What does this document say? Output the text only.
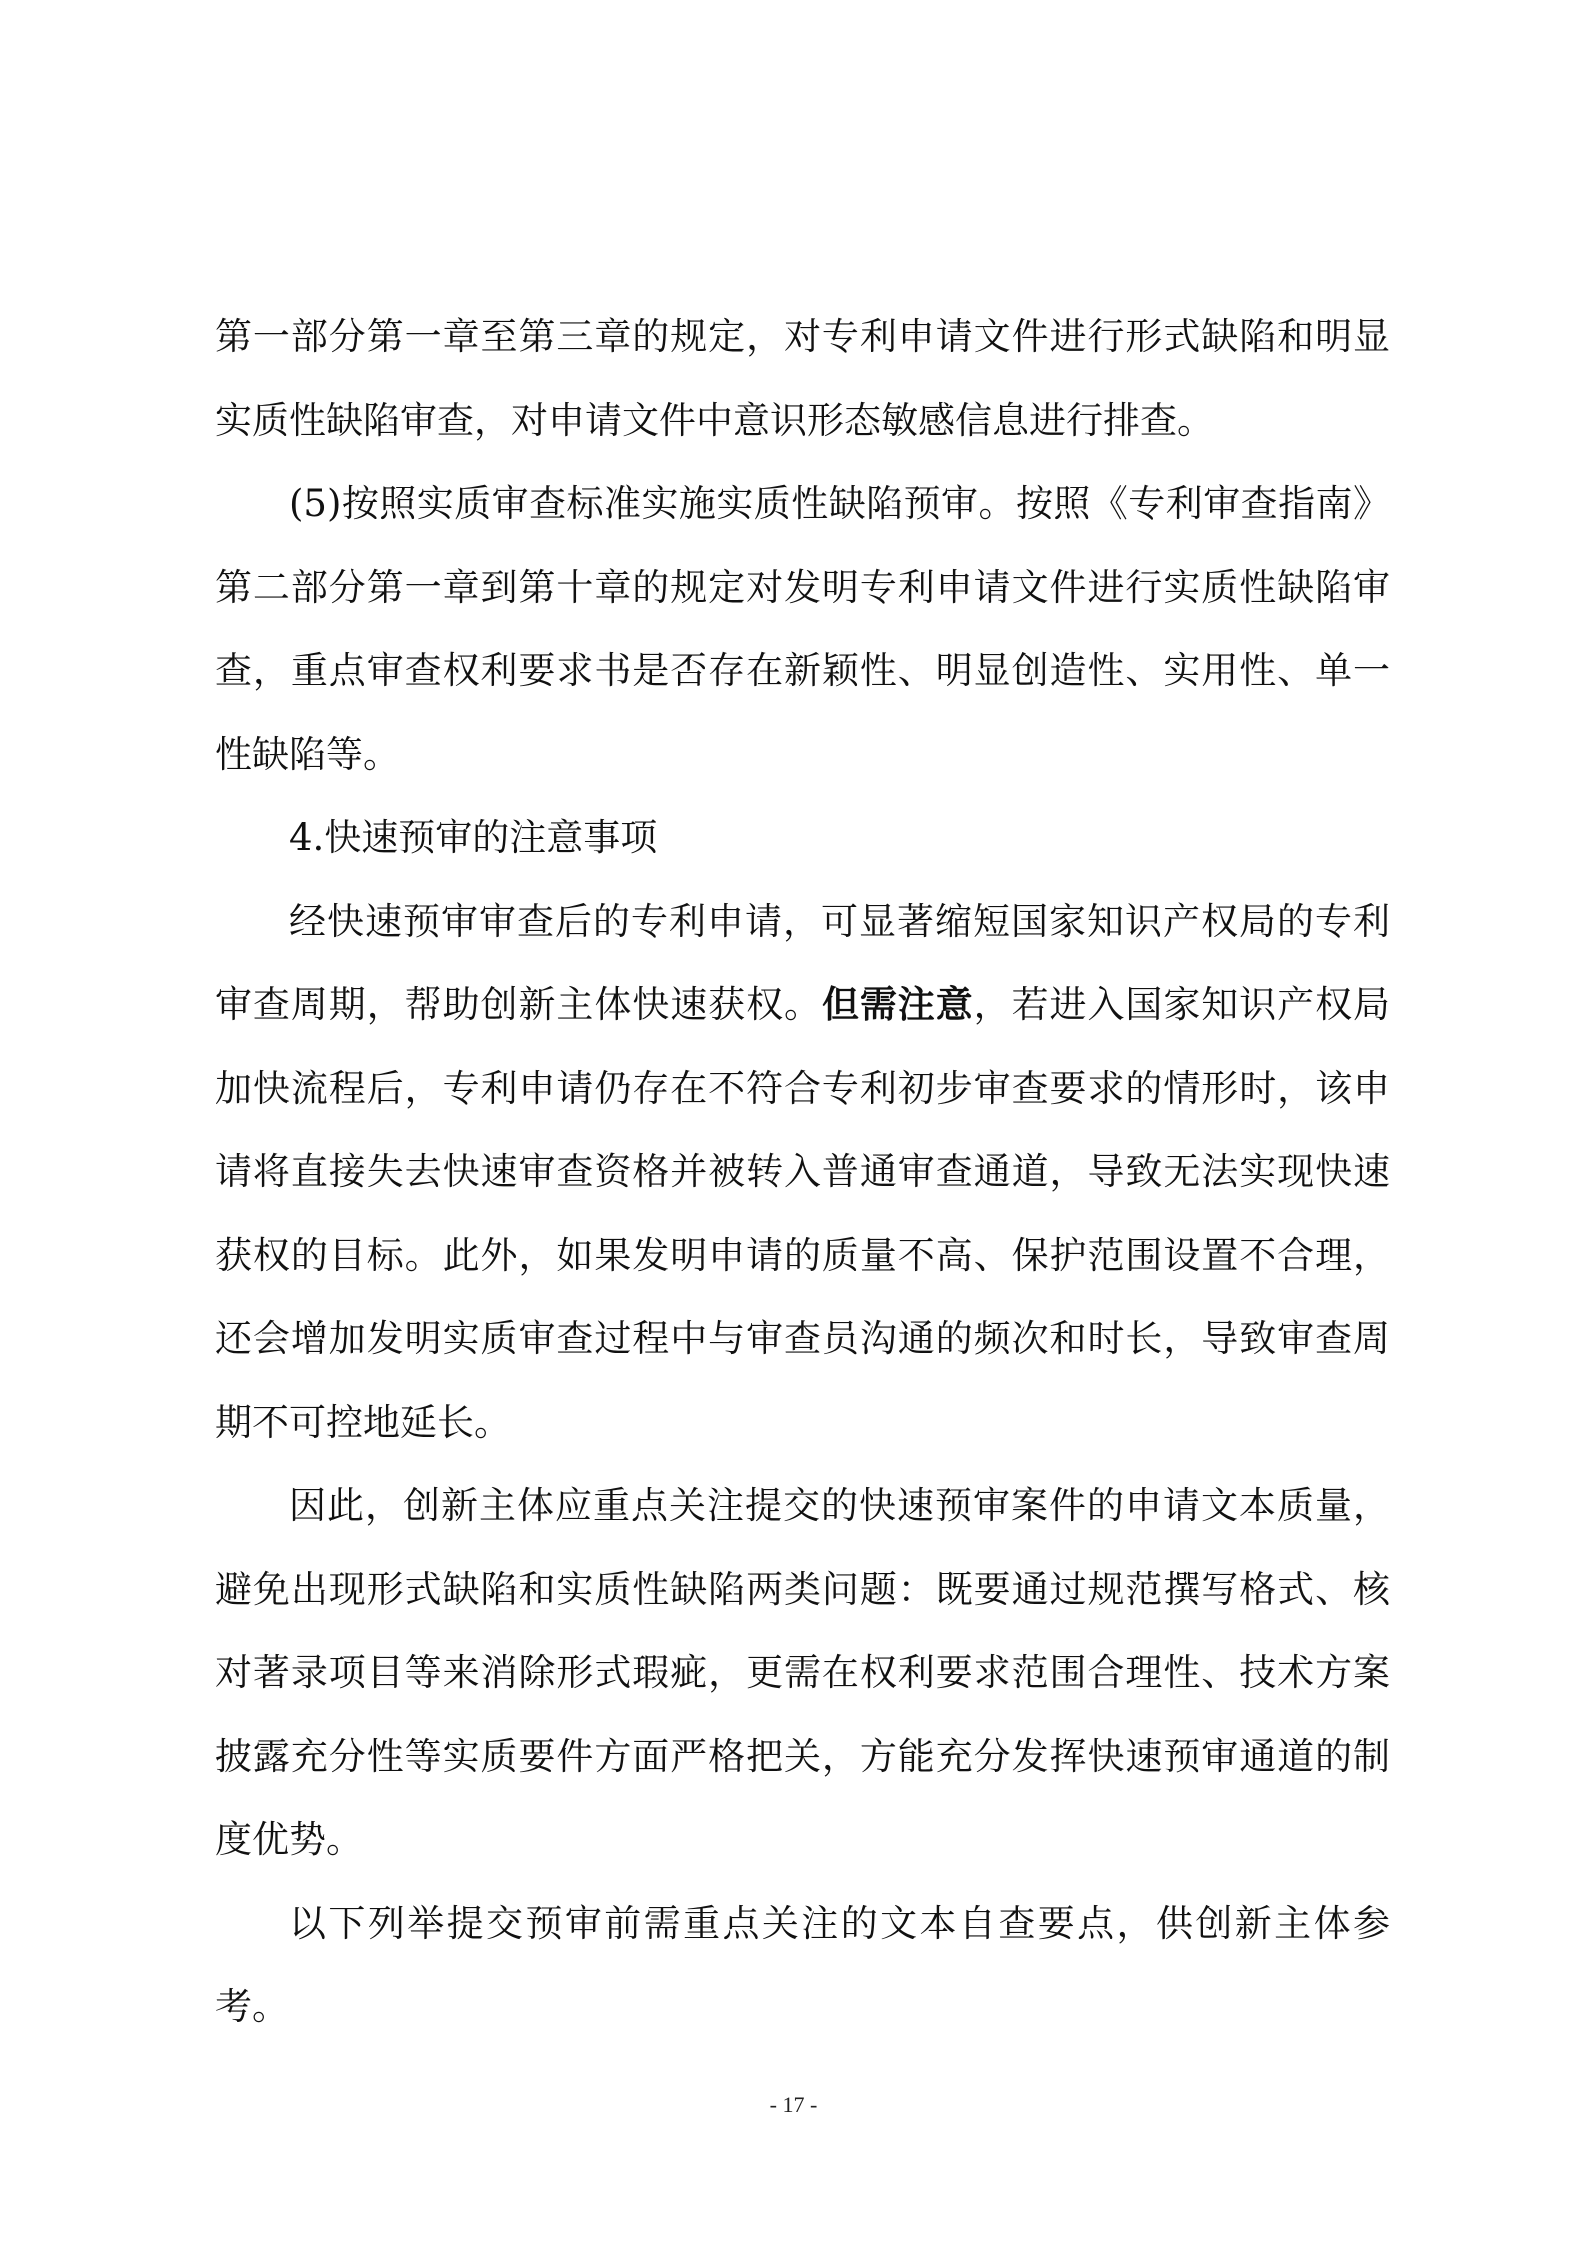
第一部分第一章至第三章的规定，对专利申请文件进行形式缺陷和明显实质性缺陷审查，对申请文件中意识形态敏感信息进行排查。

(5)按照实质审查标准实施实质性缺陷预审。按照《专利审查指南》第二部分第一章到第十章的规定对发明专利申请文件进行实质性缺陷审查，重点审查权利要求书是否存在新颖性、明显创造性、实用性、单一性缺陷等。

4.快速预审的注意事项

经快速预审审查后的专利申请，可显著缩短国家知识产权局的专利审查周期，帮助创新主体快速获权。但需注意，若进入国家知识产权局加快流程后，专利申请仍存在不符合专利初步审查要求的情形时，该申请将直接失去快速审查资格并被转入普通审查通道，导致无法实现快速获权的目标。此外，如果发明申请的质量不高、保护范围设置不合理，还会增加发明实质审查过程中与审查员沟通的频次和时长，导致审查周期不可控地延长。

因此，创新主体应重点关注提交的快速预审案件的申请文本质量，避免出现形式缺陷和实质性缺陷两类问题：既要通过规范撰写格式、核对著录项目等来消除形式瑕疵，更需在权利要求范围合理性、技术方案披露充分性等实质要件方面严格把关，方能充分发挥快速预审通道的制度优势。

以下列举提交预审前需重点关注的文本自查要点，供创新主体参考。

- 17 -
